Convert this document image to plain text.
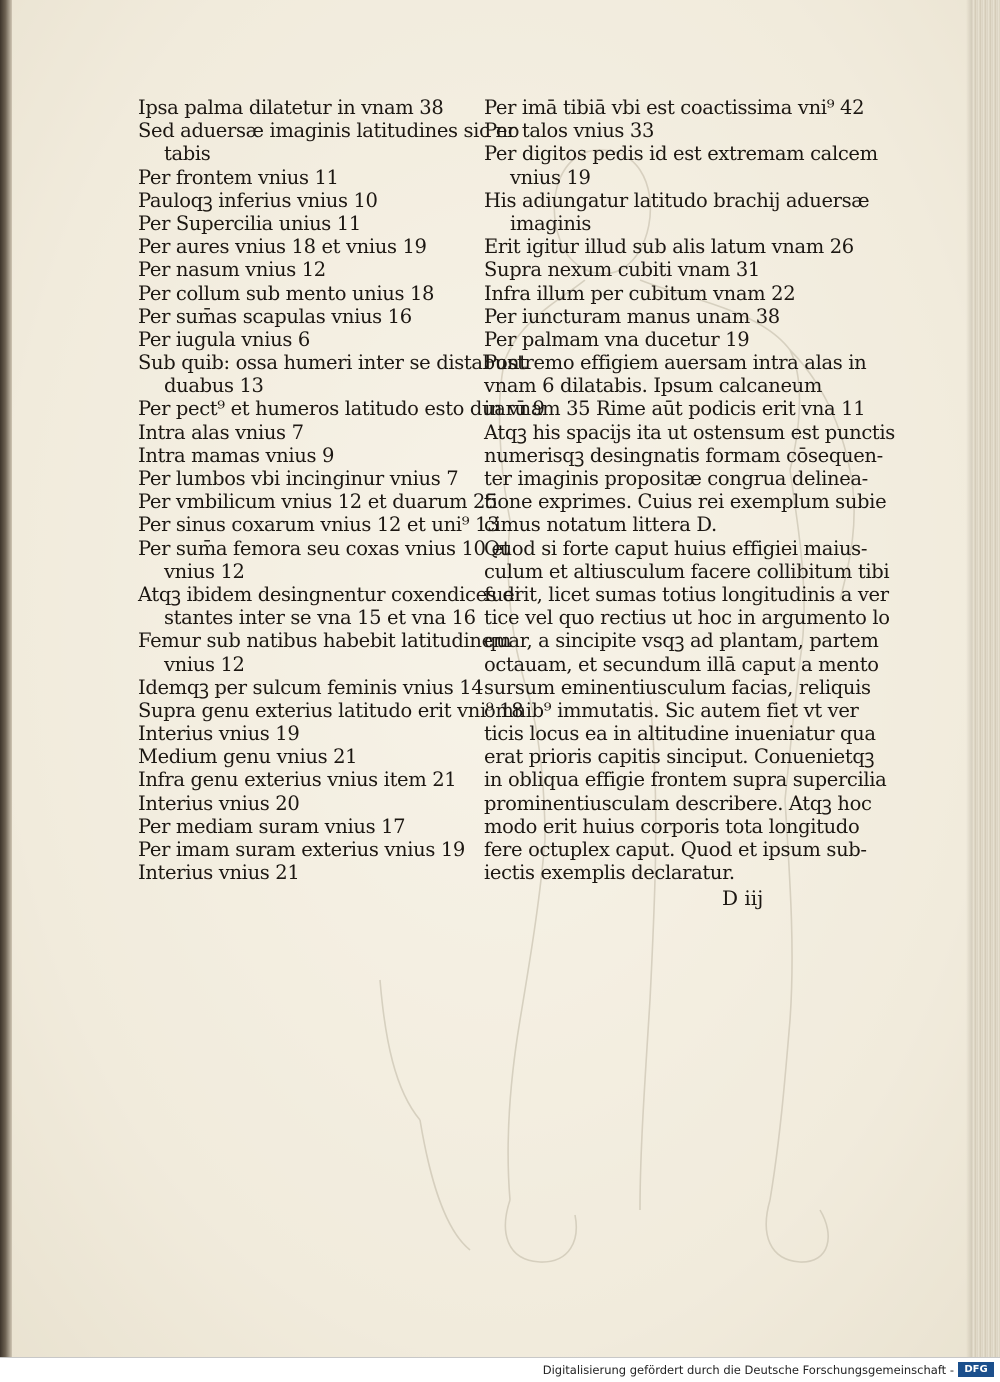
Ipsa palma dilatetur in vnam 38
Sed aduersæ imaginis latitudines sic no
tabis
Per frontem vnius 11
Pauloqꝫ inferius vnius 10
Per Supercilia unius 11
Per aures vnius 18 et vnius 19
Per nasum vnius 12
Per collum sub mento unius 18
Per sum̄as scapulas vnius 16
Per iugula vnius 6
Sub quib: ossa humeri inter se distabunt
duabus 13
Per pect⁹ et humeros latitudo esto duarū 9
Intra alas vnius 7
Intra mamas vnius 9
Per lumbos vbi incinginur vnius 7
Per vmbilicum vnius 12 et duarum 25
Per sinus coxarum vnius 12 et uni⁹ 13
Per sum̄a femora seu coxas vnius 10 et
vnius 12
Atqꝫ ibidem desingnentur coxendices di
stantes inter se vna 15 et vna 16
Femur sub natibus habebit latitudinem
vnius 12
Idemqꝫ per sulcum feminis vnius 14
Supra genu exterius latitudo erit vni⁹ 18
Interius vnius 19
Medium genu vnius 21
Infra genu exterius vnius item 21
Interius vnius 20
Per mediam suram vnius 17
Per imam suram exterius vnius 19
Interius vnius 21
Per imā tibiā vbi est coactissima vni⁹ 42
Per talos vnius 33
Per digitos pedis id est extremam calcem
vnius 19
His adiungatur latitudo brachij aduersæ
imaginis
Erit igitur illud sub alis latum vnam 26
Supra nexum cubiti vnam 31
Infra illum per cubitum vnam 22
Per iuncturam manus unam 38
Per palmam vna ducetur 19
Postremo effigiem auersam intra alas in
vnam 6 dilatabis. Ipsum calcaneum
in vnam 35 Rime aūt podicis erit vna 11
Atqꝫ his spacijs ita ut ostensum est punctis
numerisqꝫ desingnatis formam cōsequen-
ter imaginis propositæ congrua delinea-
tione exprimes. Cuius rei exemplum subie
cimus notatum littera D.
Quod si forte caput huius effigiei maius-
culum et altiusculum facere collibitum tibi
fuerit, licet sumas totius longitudinis a ver
tice vel quo rectius ut hoc in argumento lo
quar, a sincipite vsqꝫ ad plantam, partem
octauam, et secundum illā caput a mento
sursum eminentiusculum facias, reliquis
omnib⁹ immutatis. Sic autem fiet vt ver
ticis locus ea in altitudine inueniatur qua
erat prioris capitis sinciput. Conuenietqꝫ
in obliqua effigie frontem supra supercilia
prominentiusculam describere. Atqꝫ hoc
modo erit huius corporis tota longitudo
fere octuplex caput. Quod et ipsum sub-
iectis exemplis declaratur.
D iij
Digitalisierung gefördert durch die Deutsche Forschungsgemeinschaft -	DFG
